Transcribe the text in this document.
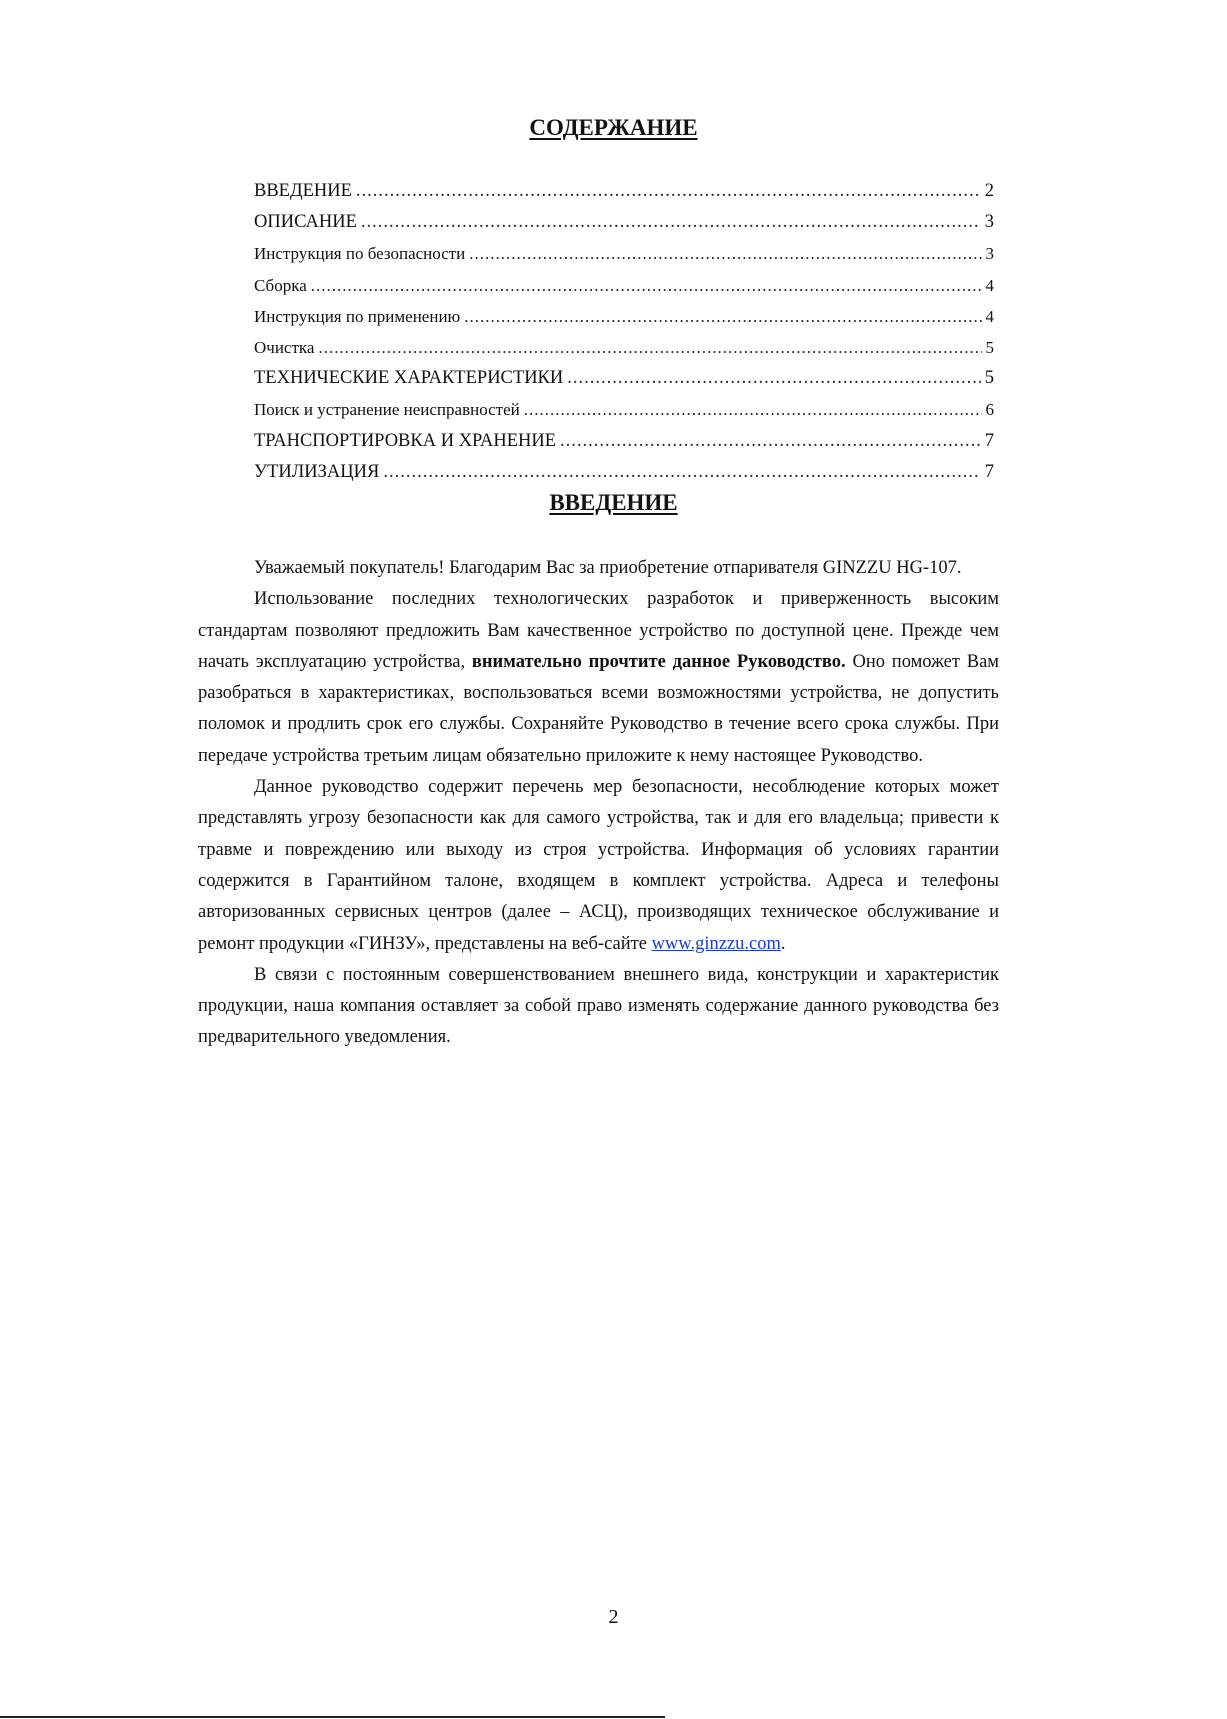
СОДЕРЖАНИЕ
ВВЕДЕНИЕ .....	2
ОПИСАНИЕ .....	3
Инструкция по безопасности .....	3
Сборка .....	4
Инструкция по применению .....	4
Очистка .....	5
ТЕХНИЧЕСКИЕ ХАРАКТЕРИСТИКИ .....	5
Поиск и устранение неисправностей .....	6
ТРАНСПОРТИРОВКА И ХРАНЕНИЕ .....	7
УТИЛИЗАЦИЯ .....	7
ВВЕДЕНИЕ

Уважаемый покупатель! Благодарим Вас за приобретение отпаривателя GINZZU HG-107.

Использование последних технологических разработок и приверженность высоким стандартам позволяют предложить Вам качественное устройство по доступной цене. Прежде чем начать эксплуатацию устройства, внимательно прочтите данное Руководство. Оно поможет Вам разобраться в характеристиках, воспользоваться всеми возможностями устройства, не допустить поломок и продлить срок его службы. Сохраняйте Руководство в течение всего срока службы. При передаче устройства третьим лицам обязательно приложите к нему настоящее Руководство.

Данное руководство содержит перечень мер безопасности, несоблюдение которых может представлять угрозу безопасности как для самого устройства, так и для его владельца; привести к травме и повреждению или выходу из строя устройства. Информация об условиях гарантии содержится в Гарантийном талоне, входящем в комплект устройства. Адреса и телефоны авторизованных сервисных центров (далее – АСЦ), производящих техническое обслуживание и ремонт продукции «ГИНЗУ», представлены на веб-сайте www.ginzzu.com.

В связи с постоянным совершенствованием внешнего вида, конструкции и характеристик продукции, наша компания оставляет за собой право изменять содержание данного руководства без предварительного уведомления.

2
